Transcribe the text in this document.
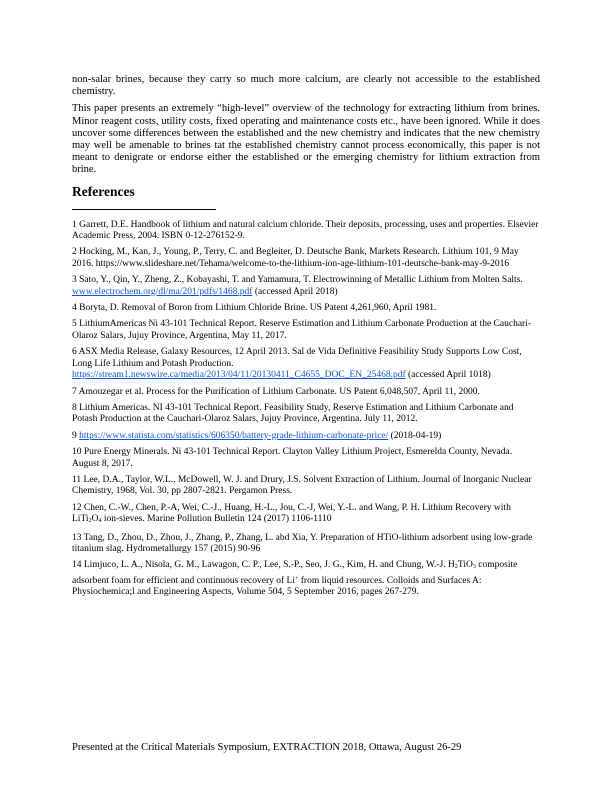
non-salar brines, because they carry so much more calcium, are clearly not accessible to the established chemistry.

This paper presents an extremely “high-level” overview of the technology for extracting lithium from brines. Minor reagent costs, utility costs, fixed operating and maintenance costs etc., have been ignored. While it does uncover some differences between the established and the new chemistry and indicates that the new chemistry may well be amenable to brines tat the established chemistry cannot process economically, this paper is not meant to denigrate or endorse either the established or the emerging chemistry for lithium extraction from brine.

References

1 Garrett, D.E. Handbook of lithium and natural calcium chloride. Their deposits, processing, uses and properties. Elsevier Academic Press, 2004. ISBN 0-12-276152-9.

2 Hocking, M., Kan, J., Young, P., Terry, C. and Begleiter, D. Deutsche Bank, Markets Research. Lithium 101, 9 May 2016. https://www.slideshare.net/Tehama/welcome-to-the-lithium-ion-age-lithium-101-deutsche-bank-may-9-2016

3 Sato, Y., Qin, Y., Zheng, Z., Kobayashi, T. and Yamamura, T. Electrowinning of Metallic Lithium from Molten Salts. www.electrochem.org/dl/ma/201/pdfs/1468.pdf (accessed April 2018)

4 Boryta, D. Removal of Boron from Lithium Chloride Brine. US Patent 4,261,960, April 1981.

5 LithiumAmericas Ni 43-101 Technical Report. Reserve Estimation and Lithium Carbonate Production at the Cauchari-Olaroz Salars, Jujuy Province, Argentina, May 11, 2017.

6 ASX Media Release, Galaxy Resources, 12 April 2013. Sal de Vida Definitive Feasibility Study Supports Low Cost, Long Life Lithium and Potash Production. https://stream1.newswire.ca/media/2013/04/11/20130411_C4655_DOC_EN_25468.pdf (accessed April 1018)

7 Amouzegar et al. Process for the Purification of Lithium Carbonate. US Patent 6,048,507, April 11, 2000.

8 Lithium Americas. NI 43-101 Technical Report. Feasibility Study, Reserve Estimation and Lithium Carbonate and Potash Production at the Cauchari-Olaroz Salars, Jujuy Province, Argentina. July 11, 2012.

9 https://www.statista.com/statistics/606350/battery-grade-lithium-carbonate-price/ (2018-04-19)

10 Pure Energy Minerals. Ni 43-101 Technical Report. Clayton Valley Lithium Project, Esmerelda County, Nevada. August 8, 2017.

11 Lee, D.A., Taylor, W.L., McDowell, W. J. and Drury, J.S. Solvent Extraction of Lithium. Journal of Inorganic Nuclear Chemistry, 1968, Vol. 30, pp 2807-2821. Pergamon Press.

12 Chen, C.-W., Chen, P.-A, Wei, C.-J., Huang, H.-L., Jou, C.-J, Wei, Y.-L. and Wang, P. H. Lithium Recovery with $LiTi_2O_4$ ion-sieves. Marine Pollution Bulletin 124 (2017) 1106-1110

13 Tang, D., Zhou, D., Zhou, J., Zhang, P., Zhang, L. abd Xia, Y. Preparation of HTiO-lithium adsorbent using low-grade titanium slag. Hydrometallurgy 157 (2015) 90-96

14 Limjuco, L. A., Nisola, G. M., Lawagon, C. P., Lee, S.-P., Seo, J. G., Kim, H. and Chung, W.-J. $H_2TiO_3$ composite adsorbent foam for efficient and continuous recovery of Li+ from liquid resources. Colloids and Surfaces A: Physiochemica;l and Engineering Aspects, Volume 504, 5 September 2016, pages 267-279.

Presented at the Critical Materials Symposium, EXTRACTION 2018, Ottawa, August 26-29
